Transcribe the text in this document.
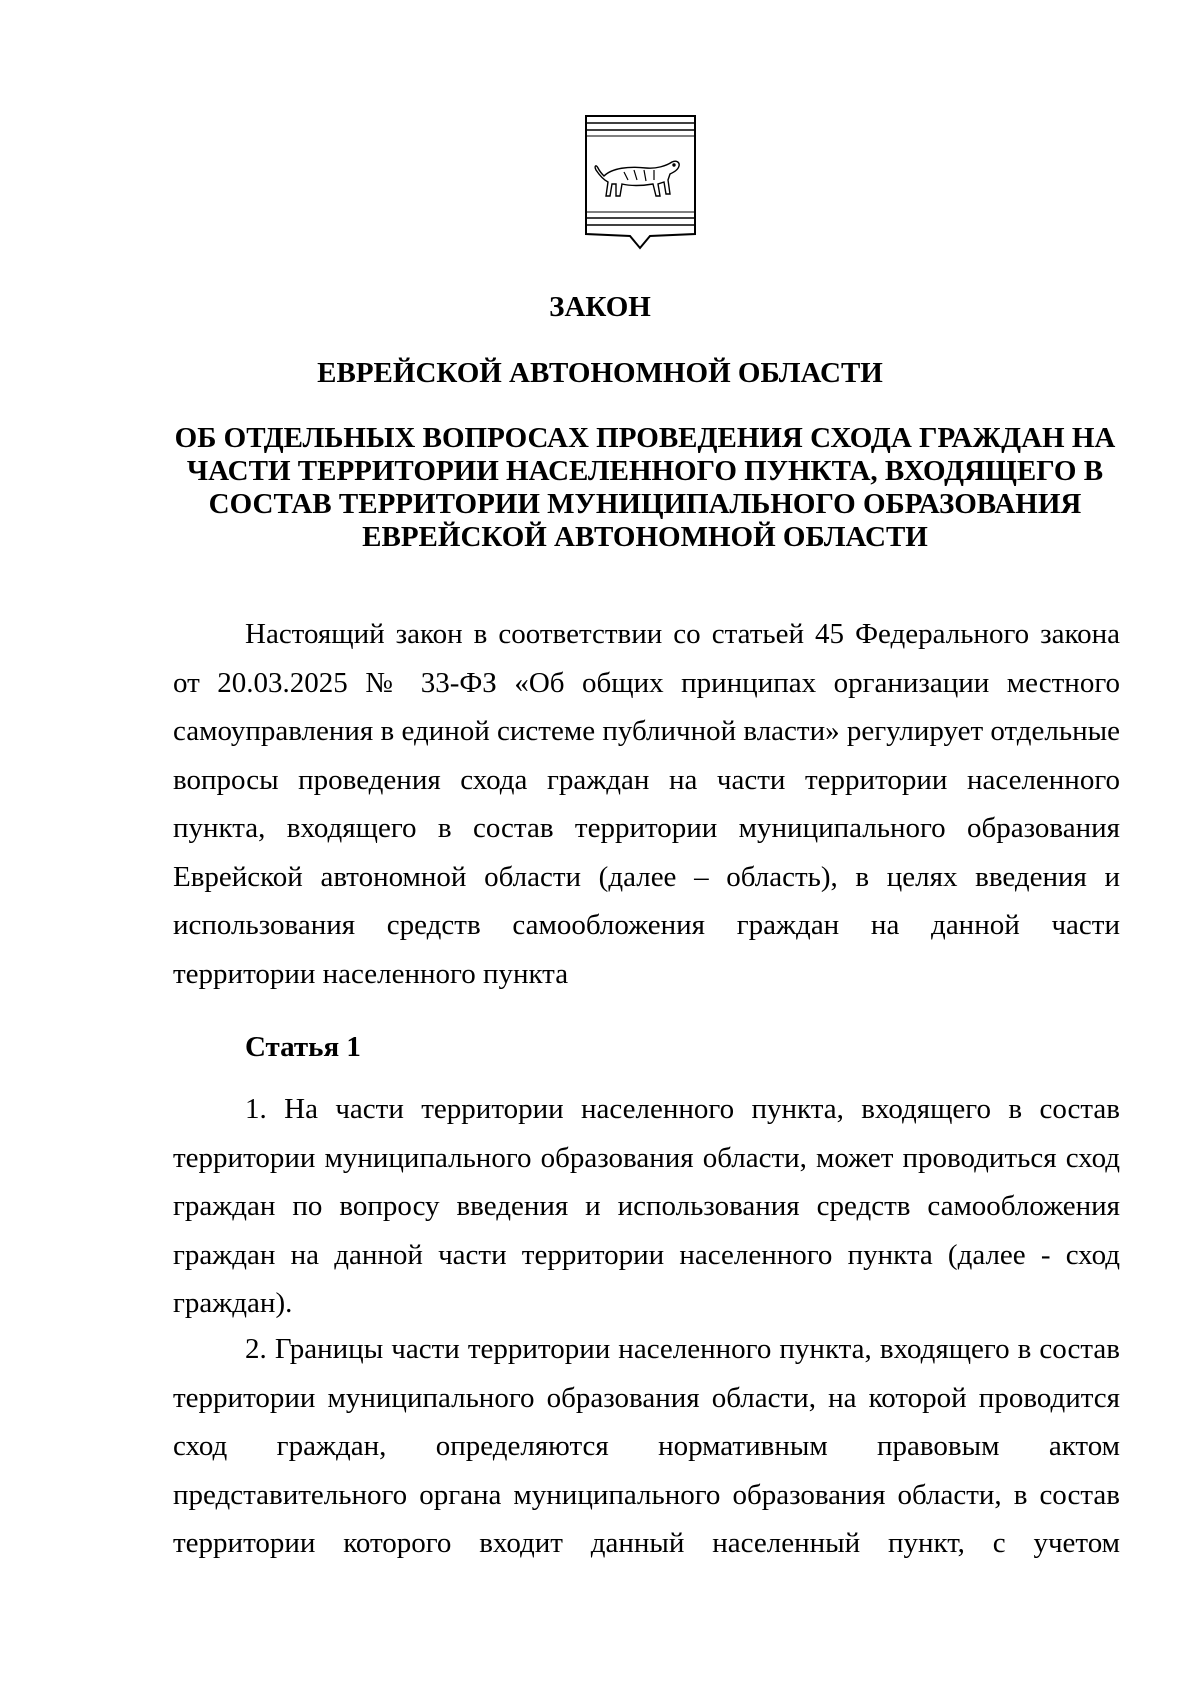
ЗАКОН
ЕВРЕЙСКОЙ АВТОНОМНОЙ ОБЛАСТИ
ОБ ОТДЕЛЬНЫХ ВОПРОСАХ ПРОВЕДЕНИЯ СХОДА ГРАЖДАН НА
ЧАСТИ ТЕРРИТОРИИ НАСЕЛЕННОГО ПУНКТА, ВХОДЯЩЕГО В
СОСТАВ ТЕРРИТОРИИ МУНИЦИПАЛЬНОГО ОБРАЗОВАНИЯ
ЕВРЕЙСКОЙ АВТОНОМНОЙ ОБЛАСТИ
Настоящий закон в соответствии со статьей 45 Федерального закона от 20.03.2025 № 33-ФЗ «Об общих принципах организации местного самоуправления в единой системе публичной власти» регулирует отдельные вопросы проведения схода граждан на части территории населенного пункта, входящего в состав территории муниципального образования Еврейской автономной области (далее – область), в целях введения и использования средств самообложения граждан на данной части территории населенного пункта
Статья 1
1. На части территории населенного пункта, входящего в состав территории муниципального образования области, может проводиться сход граждан по вопросу введения и использования средств самообложения граждан на данной части территории населенного пункта (далее - сход граждан).
2. Границы части территории населенного пункта, входящего в состав территории муниципального образования области, на которой проводится сход граждан, определяются нормативным правовым актом представительного органа муниципального образования области, в состав территории которого входит данный населенный пункт, с учетом
